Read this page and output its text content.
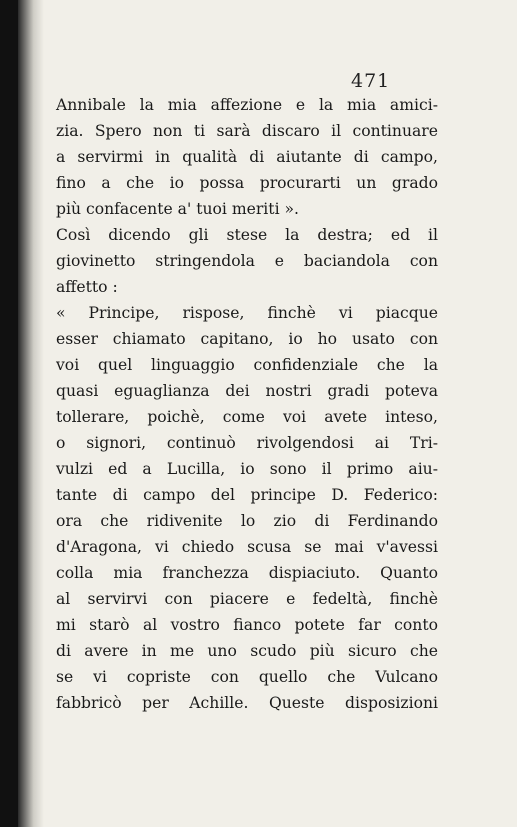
471
Annibale la mia affezione e la mia amici-
zia. Spero non ti sarà discaro il continuare
a servirmi in qualità di aiutante di campo,
fino a che io possa procurarti un grado
più confacente a' tuoi meriti ».
Così dicendo gli stese la destra; ed il
giovinetto stringendola e baciandola con
affetto :
« Principe, rispose, finchè vi piacque
esser chiamato capitano, io ho usato con
voi quel linguaggio confidenziale che la
quasi eguaglianza dei nostri gradi poteva
tollerare, poichè, come voi avete inteso,
o signori, continuò rivolgendosi ai Tri-
vulzi ed a Lucilla, io sono il primo aiu-
tante di campo del principe D. Federico:
ora che ridivenite lo zio di Ferdinando
d'Aragona, vi chiedo scusa se mai v'avessi
colla mia franchezza dispiaciuto. Quanto
al servirvi con piacere e fedeltà, finchè
mi starò al vostro fianco potete far conto
di avere in me uno scudo più sicuro che
se vi copriste con quello che Vulcano
fabbricò per Achille. Queste disposizioni
